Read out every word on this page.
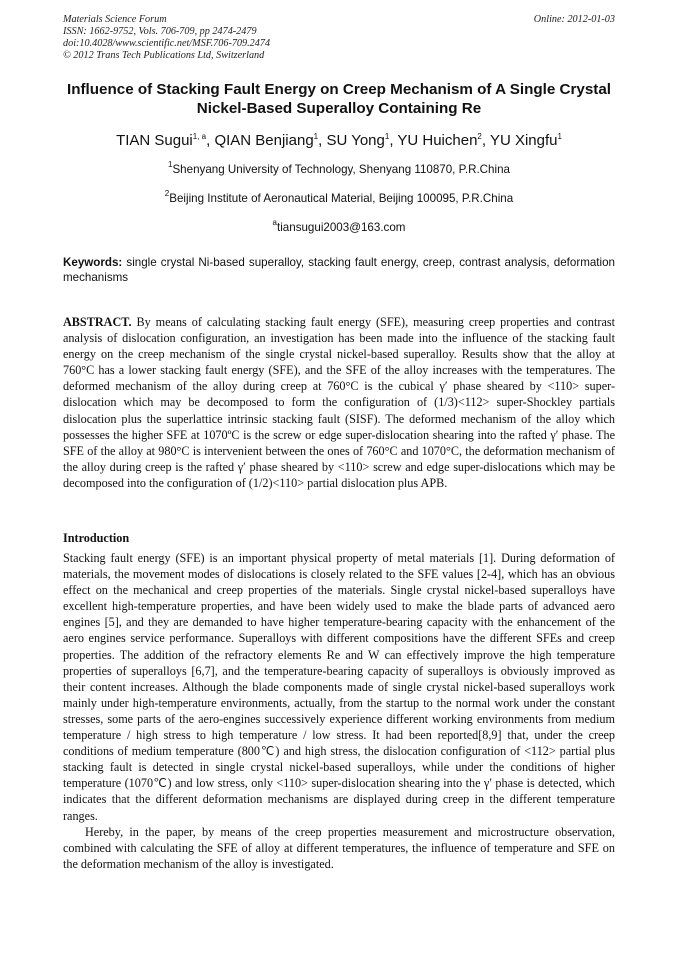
Materials Science Forum
ISSN: 1662-9752, Vols. 706-709, pp 2474-2479
doi:10.4028/www.scientific.net/MSF.706-709.2474
© 2012 Trans Tech Publications Ltd, Switzerland
Online: 2012-01-03
Influence of Stacking Fault Energy on Creep Mechanism of A Single Crystal Nickel-Based Superalloy Containing Re
TIAN Sugui$^{1, a}$, QIAN Benjiang$^1$, SU Yong$^1$, YU Huichen$^2$, YU Xingfu$^1$
$^1$Shenyang University of Technology, Shenyang 110870, P.R.China
$^2$Beijing Institute of Aeronautical Material, Beijing 100095, P.R.China
$^a$tiansugui2003@163.com
Keywords: single crystal Ni-based superalloy, stacking fault energy, creep, contrast analysis, deformation mechanisms
ABSTRACT. By means of calculating stacking fault energy (SFE), measuring creep properties and contrast analysis of dislocation configuration, an investigation has been made into the influence of the stacking fault energy on the creep mechanism of the single crystal nickel-based superalloy. Results show that the alloy at 760°C has a lower stacking fault energy (SFE), and the SFE of the alloy increases with the temperatures. The deformed mechanism of the alloy during creep at 760°C is the cubical γ′ phase sheared by <110> super-dislocation which may be decomposed to form the configuration of (1/3)<112> super-Shockley partials dislocation plus the superlattice intrinsic stacking fault (SISF). The deformed mechanism of the alloy which possesses the higher SFE at 1070ºC is the screw or edge super-dislocation shearing into the rafted γ′ phase. The SFE of the alloy at 980°C is intervenient between the ones of 760°C and 1070°C, the deformation mechanism of the alloy during creep is the rafted γ′ phase sheared by <110> screw and edge super-dislocations which may be decomposed into the configuration of (1/2)<110> partial dislocation plus APB.
Introduction

Stacking fault energy (SFE) is an important physical property of metal materials [1]. During deformation of materials, the movement modes of dislocations is closely related to the SFE values [2-4], which has an obvious effect on the mechanical and creep properties of the materials. Single crystal nickel-based superalloys have excellent high-temperature properties, and have been widely used to make the blade parts of advanced aero engines [5], and they are demanded to have higher temperature-bearing capacity with the enhancement of the aero engines service performance. Superalloys with different compositions have the different SFEs and creep properties. The addition of the refractory elements Re and W can effectively improve the high temperature properties of superalloys [6,7], and the temperature-bearing capacity of superalloys is obviously improved as their content increases. Although the blade components made of single crystal nickel-based superalloys work mainly under high-temperature environments, actually, from the startup to the normal work under the constant stresses, some parts of the aero-engines successively experience different working environments from medium temperature / high stress to high temperature / low stress. It had been reported[8,9] that, under the creep conditions of medium temperature (800℃) and high stress, the dislocation configuration of <112> partial plus stacking fault is detected in single crystal nickel-based superalloys, while under the conditions of higher temperature (1070℃) and low stress, only <110> super-dislocation shearing into the γ′ phase is detected, which indicates that the different deformation mechanisms are displayed during creep in the different temperature ranges.

Hereby, in the paper, by means of the creep properties measurement and microstructure observation, combined with calculating the SFE of alloy at different temperatures, the influence of temperature and SFE on the deformation mechanism of the alloy is investigated.
